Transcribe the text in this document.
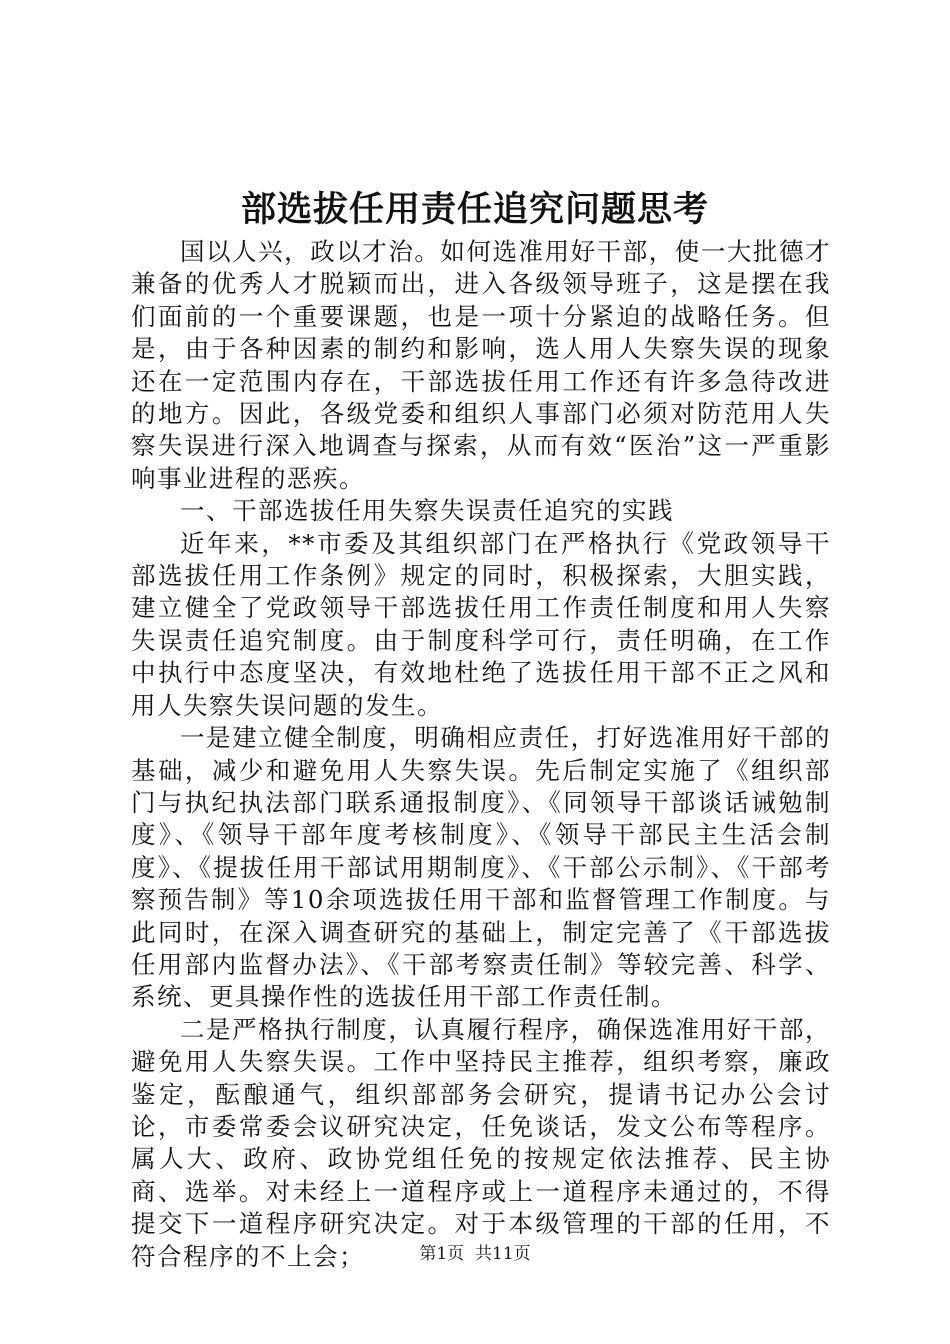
部选拔任用责任追究问题思考

国以人兴，政以才治。如何选准用好干部，使一大批德才兼备的优秀人才脱颖而出，进入各级领导班子，这是摆在我们面前的一个重要课题，也是一项十分紧迫的战略任务。但是，由于各种因素的制约和影响，选人用人失察失误的现象还在一定范围内存在，干部选拔任用工作还有许多急待改进的地方。因此，各级党委和组织人事部门必须对防范用人失察失误进行深入地调查与探索，从而有效“医治”这一严重影响事业进程的恶疾。

一、干部选拔任用失察失误责任追究的实践

近年来，**市委及其组织部门在严格执行《党政领导干部选拔任用工作条例》规定的同时，积极探索，大胆实践，建立健全了党政领导干部选拔任用工作责任制度和用人失察失误责任追究制度。由于制度科学可行，责任明确，在工作中执行中态度坚决，有效地杜绝了选拔任用干部不正之风和用人失察失误问题的发生。

一是建立健全制度，明确相应责任，打好选准用好干部的基础，减少和避免用人失察失误。先后制定实施了《组织部门与执纪执法部门联系通报制度》、《同领导干部谈话诫勉制度》、《领导干部年度考核制度》、《领导干部民主生活会制度》、《提拔任用干部试用期制度》、《干部公示制》、《干部考察预告制》等10余项选拔任用干部和监督管理工作制度。与此同时，在深入调查研究的基础上，制定完善了《干部选拔任用部内监督办法》、《干部考察责任制》等较完善、科学、系统、更具操作性的选拔任用干部工作责任制。

二是严格执行制度，认真履行程序，确保选准用好干部，避免用人失察失误。工作中坚持民主推荐，组织考察，廉政鉴定，酝酿通气，组织部部务会研究，提请书记办公会讨论，市委常委会议研究决定，任免谈话，发文公布等程序。属人大、政府、政协党组任免的按规定依法推荐、民主协商、选举。对未经上一道程序或上一道程序未通过的，不得提交下一道程序研究决定。对于本级管理的干部的任用，不符合程序的不上会；	第1页 共11页
